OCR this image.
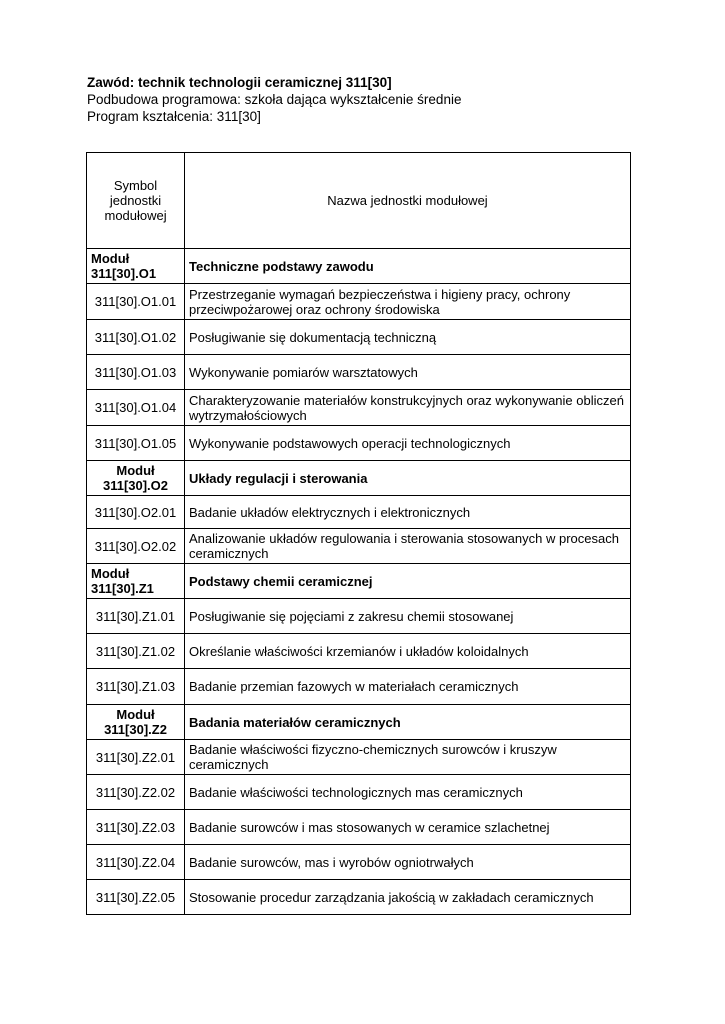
Zawód: technik technologii ceramicznej 311[30]
Podbudowa programowa: szkoła dająca wykształcenie średnie
Program kształcenia: 311[30]
Symbol jednostki modułowej	Nazwa jednostki modułowej
Moduł 311[30].O1	Techniczne podstawy zawodu
311[30].O1.01	Przestrzeganie wymagań bezpieczeństwa i higieny pracy, ochrony przeciwpożarowej oraz ochrony środowiska
311[30].O1.02	Posługiwanie się dokumentacją techniczną
311[30].O1.03	Wykonywanie pomiarów warsztatowych
311[30].O1.04	Charakteryzowanie materiałów konstrukcyjnych oraz wykonywanie obliczeń wytrzymałościowych
311[30].O1.05	Wykonywanie podstawowych operacji technologicznych
Moduł 311[30].O2	Układy regulacji i sterowania
311[30].O2.01	Badanie układów elektrycznych i elektronicznych
311[30].O2.02	Analizowanie układów regulowania i sterowania stosowanych w procesach ceramicznych
Moduł 311[30].Z1	Podstawy chemii ceramicznej
311[30].Z1.01	Posługiwanie się pojęciami z zakresu chemii stosowanej
311[30].Z1.02	Określanie właściwości krzemianów i układów koloidalnych
311[30].Z1.03	Badanie przemian fazowych w materiałach ceramicznych
Moduł 311[30].Z2	Badania materiałów ceramicznych
311[30].Z2.01	Badanie właściwości fizyczno-chemicznych surowców i kruszyw ceramicznych
311[30].Z2.02	Badanie właściwości technologicznych mas ceramicznych
311[30].Z2.03	Badanie surowców i mas stosowanych w ceramice szlachetnej
311[30].Z2.04	Badanie surowców, mas i wyrobów ogniotrwałych
311[30].Z2.05	Stosowanie procedur zarządzania jakością w zakładach ceramicznych
